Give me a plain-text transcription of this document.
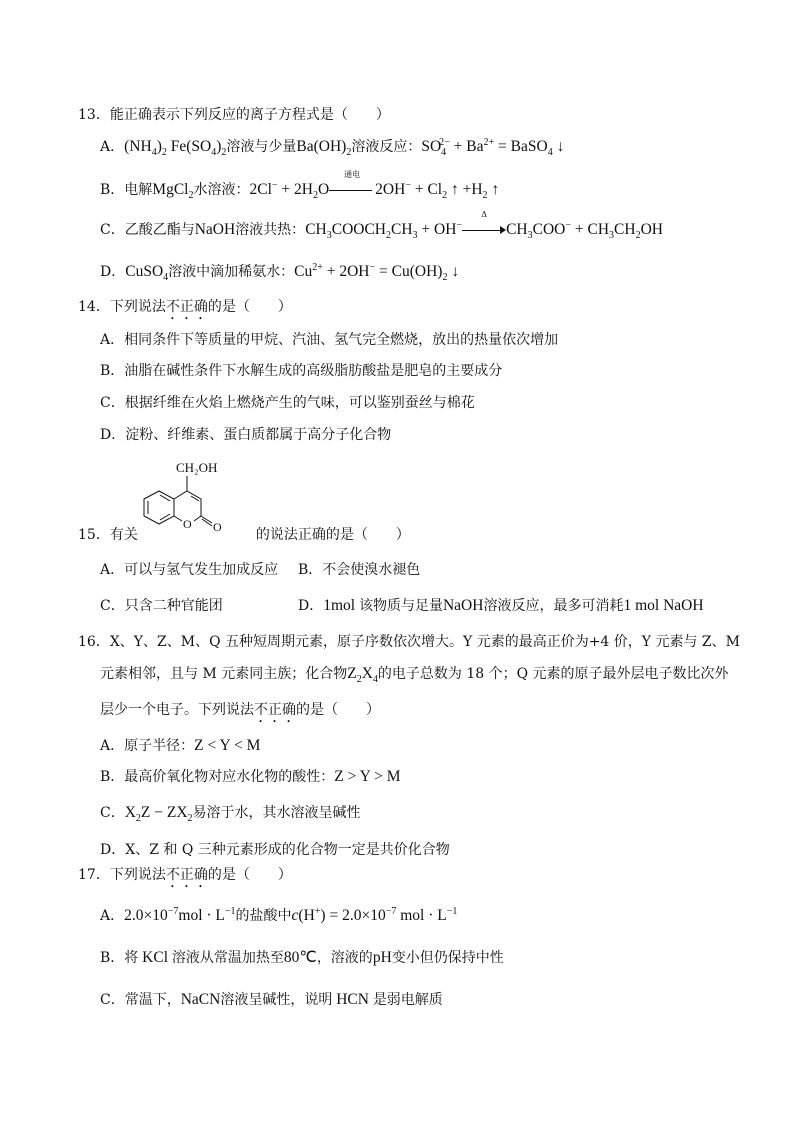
13．能正确表示下列反应的离子方程式是（　　）
A．$(NH_4)_2$ $Fe(SO_4)_2$溶液与少量$Ba(OH)_2$溶液反应：$SO_4^{2-} + Ba^{2+}$ = BaSO$_4$ ↓
B．电解MgCl$_2$水溶液：$2Cl^- + 2H_2O$
通电
$2OH^- + Cl_2$ ↑ $+H_2$ ↑
C．乙酸乙酯与NaOH溶液共热：$CH_3COOCH_2CH_3 + OH^-$
Δ
$CH_3COO^- + CH_3CH_2OH$
D．CuSO$_4$溶液中滴加稀氨水：$Cu^{2+} + 2OH^- = Cu(OH)_2$ ↓
14．下列说法不正确的是（　　）
A．相同条件下等质量的甲烷、汽油、氢气完全燃烧，放出的热量依次增加
B．油脂在碱性条件下水解生成的高级脂肪酸盐是肥皂的主要成分
C．根据纤维在火焰上燃烧产生的气味，可以鉴别蚕丝与棉花
D．淀粉、纤维素、蛋白质都属于高分子化合物
CH₂OH
O O
15．有关	的说法正确的是（　　）
A．可以与氢气发生加成反应 B．不会使溴水褪色
C．只含二种官能团	D．1mol 该物质与足量NaOH溶液反应，最多可消耗1 mol NaOH
16．X、Y、Z、M、Q 五种短周期元素，原子序数依次增大。Y 元素的最高正价为+4 价，Y 元素与 Z、M
元素相邻，且与 M 元素同主族；化合物$Z_2X_4$的电子总数为 18 个；Q 元素的原子最外层电子数比次外
层少一个电子。下列说法不正确的是（　　）
A．原子半径：Z < Y < M
B．最高价氧化物对应水化物的酸性：Z > Y > M
C．$X_2Z - ZX_2$易溶于水，其水溶液呈碱性
D．X、Z 和 Q 三种元素形成的化合物一定是共价化合物
17．下列说法不正确的是（　　）
A．$2.0\times 10^{-7}mol \cdot L^{-1}$的盐酸中$c(H^+) = 2.0\times 10^{-7}$ mol · $L^{-1}$
B．将 KCl 溶液从常温加热至80℃，溶液的pH变小但仍保持中性
C．常温下，NaCN溶液呈碱性，说明 HCN 是弱电解质
